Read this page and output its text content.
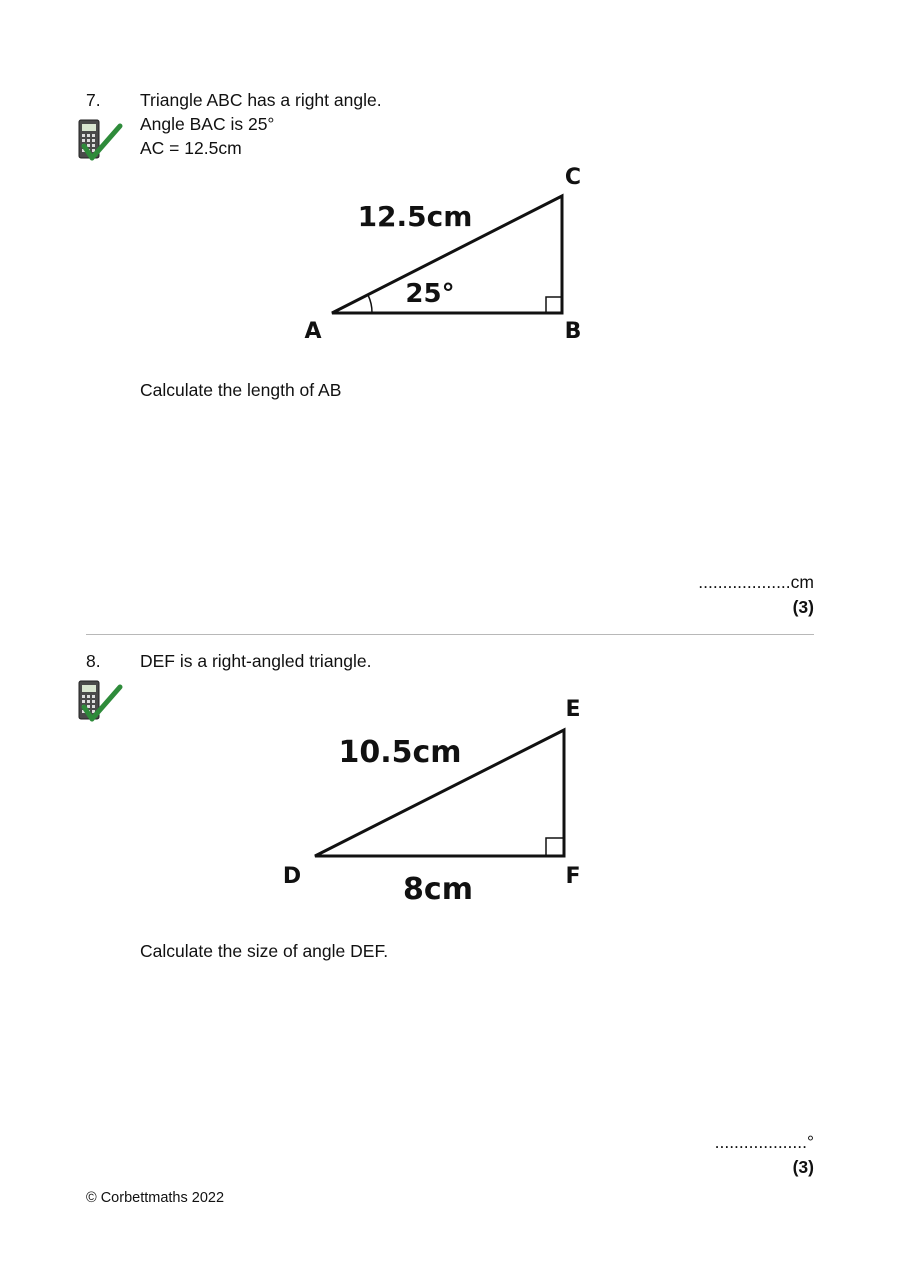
7. Triangle ABC has a right angle.
Angle BAC is 25°
AC = 12.5cm
12.5cm
25°
A	B
C
Calculate the length of AB
...................cm
(3)
8. DEF is a right-angled triangle.
10.5cm
8cm
D	F
E
Calculate the size of angle DEF.
...................°
(3)
© Corbettmaths 2022
